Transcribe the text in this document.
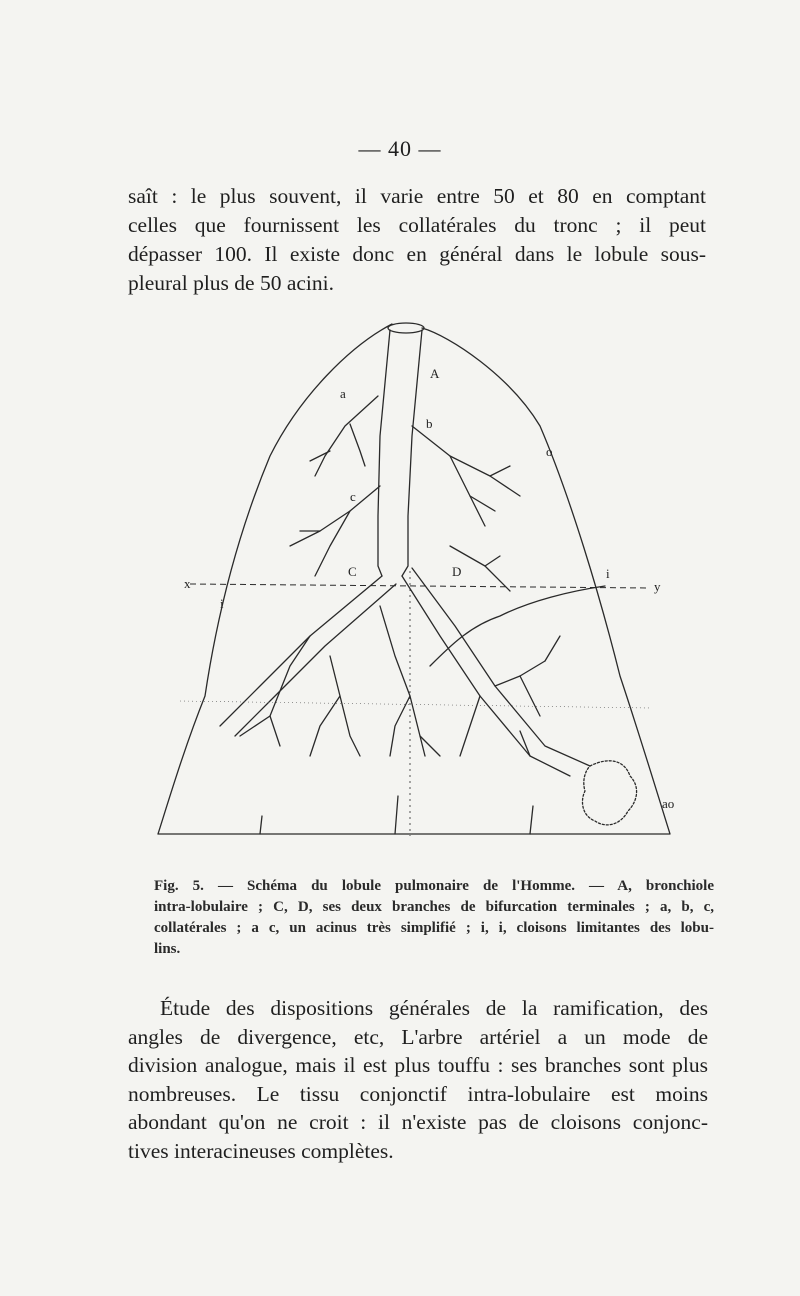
— 40 —
saît : le plus souvent, il varie entre 50 et 80 en comptant
celles que fournissent les collatérales du tronc ; il peut
dépasser 100. Il existe donc en général dans le lobule sous-
pleural plus de 50 acini.
a
b
c
C	D
x	y
i
i
ao
A
o
Fig. 5. — Schéma du lobule pulmonaire de l'Homme. — A, bronchiole
intra-lobulaire ; C, D, ses deux branches de bifurcation terminales ; a, b, c,
collatérales ; a c, un acinus très simplifié ; i, i, cloisons limitantes des lobu-
lins.
Étude des dispositions générales de la ramification, des
angles de divergence, etc, L'arbre artériel a un mode de
division analogue, mais il est plus touffu : ses branches sont plus
nombreuses. Le tissu conjonctif intra-lobulaire est moins
abondant qu'on ne croit : il n'existe pas de cloisons conjonc-
tives interacineuses complètes.
